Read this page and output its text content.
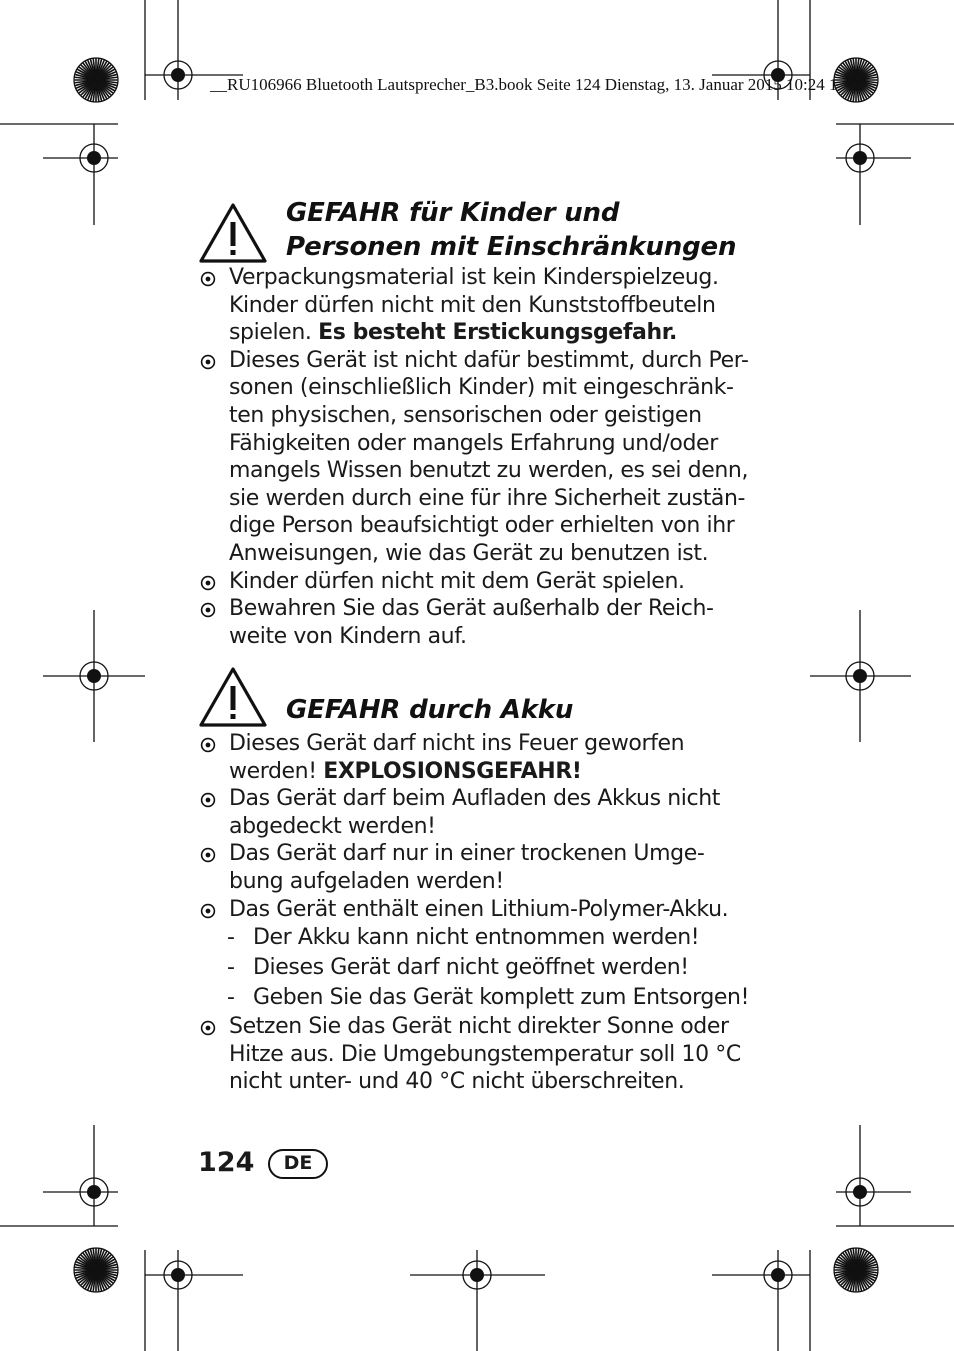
__RU106966 Bluetooth Lautsprecher_B3.book Seite 124 Dienstag, 13. Januar 2015 10:24 1
GEFAHR für Kinder und
Personen mit Einschränkungen
Verpackungsmaterial ist kein Kinderspielzeug.
Kinder dürfen nicht mit den Kunststoffbeuteln
spielen. Es besteht Erstickungsgefahr.
Dieses Gerät ist nicht dafür bestimmt, durch Per-
sonen (einschließlich Kinder) mit eingeschränk-
ten physischen, sensorischen oder geistigen
Fähigkeiten oder mangels Erfahrung und/oder
mangels Wissen benutzt zu werden, es sei denn,
sie werden durch eine für ihre Sicherheit zustän-
dige Person beaufsichtigt oder erhielten von ihr
Anweisungen, wie das Gerät zu benutzen ist.
Kinder dürfen nicht mit dem Gerät spielen.
Bewahren Sie das Gerät außerhalb der Reich-
weite von Kindern auf.
GEFAHR durch Akku
Dieses Gerät darf nicht ins Feuer geworfen
werden! EXPLOSIONSGEFAHR!
Das Gerät darf beim Aufladen des Akkus nicht
abgedeckt werden!
Das Gerät darf nur in einer trockenen Umge-
bung aufgeladen werden!
Das Gerät enthält einen Lithium-Polymer-Akku.
- Der Akku kann nicht entnommen werden!
- Dieses Gerät darf nicht geöffnet werden!
- Geben Sie das Gerät komplett zum Entsorgen!
Setzen Sie das Gerät nicht direkter Sonne oder
Hitze aus. Die Umgebungstemperatur soll 10 °C
nicht unter- und 40 °C nicht überschreiten.
124	DE
